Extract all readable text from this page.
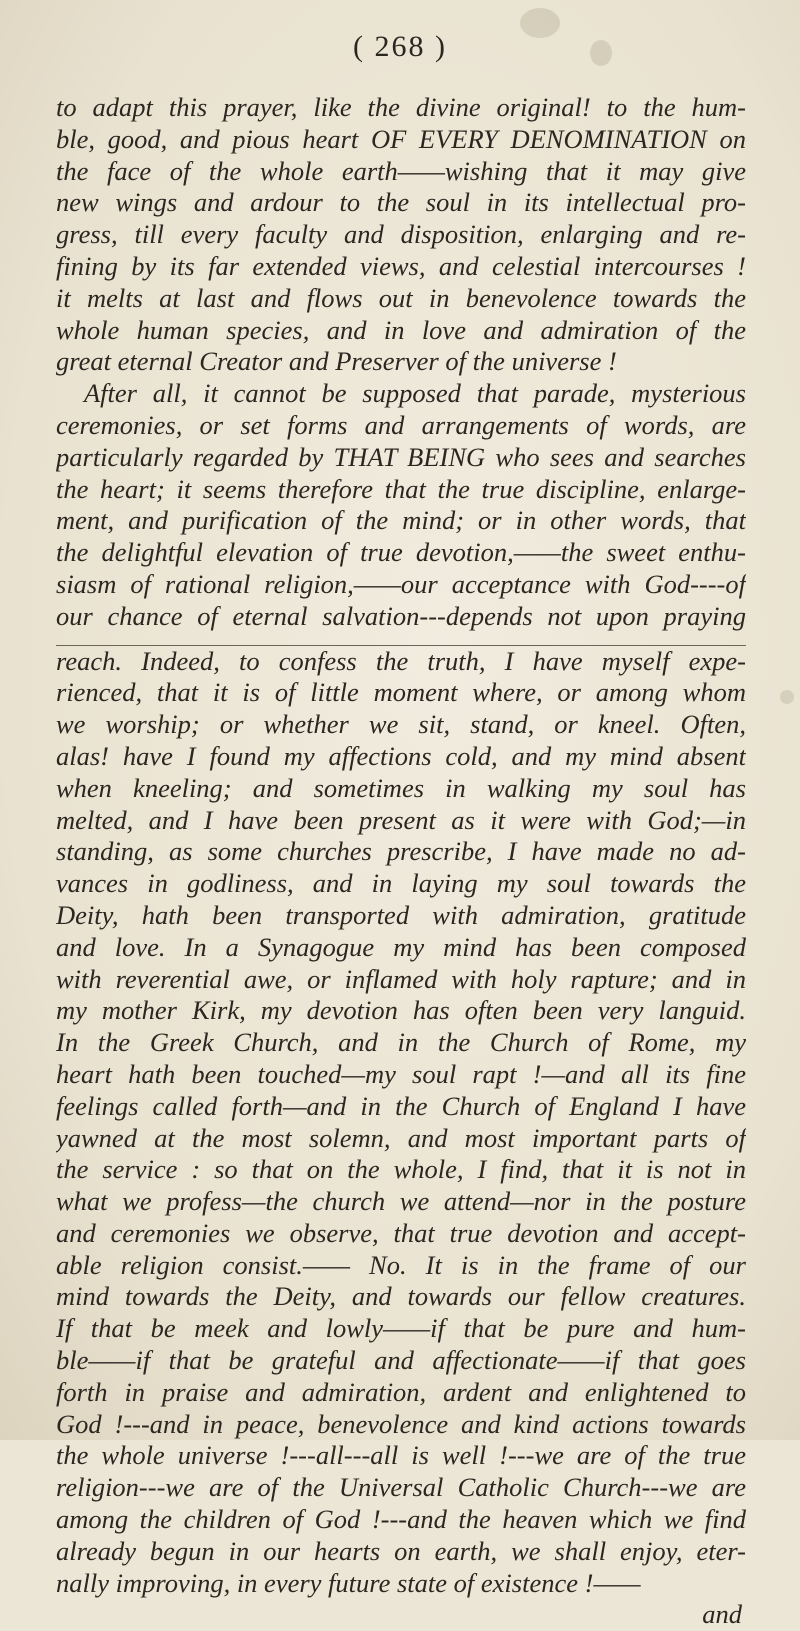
( 268 )
to adapt this prayer, like the divine original! to the hum-
ble, good, and pious heart OF EVERY DENOMINATION on
the face of the whole earth——wishing that it may give
new wings and ardour to the soul in its intellectual pro-
gress, till every faculty and disposition, enlarging and re-
fining by its far extended views, and celestial intercourses !
it melts at last and flows out in benevolence towards the
whole human species, and in love and admiration of the
great eternal Creator and Preserver of the universe !
After all, it cannot be supposed that parade, mysterious
ceremonies, or set forms and arrangements of words, are
particularly regarded by THAT BEING who sees and searches
the heart; it seems therefore that the true discipline, enlarge-
ment, and purification of the mind; or in other words, that
the delightful elevation of true devotion,——the sweet enthu-
siasm of rational religion,——our acceptance with God----of
our chance of eternal salvation---depends not upon praying
reach. Indeed, to confess the truth, I have myself expe-
rienced, that it is of little moment where, or among whom
we worship; or whether we sit, stand, or kneel. Often,
alas! have I found my affections cold, and my mind absent
when kneeling; and sometimes in walking my soul has
melted, and I have been present as it were with God;—in
standing, as some churches prescribe, I have made no ad-
vances in godliness, and in laying my soul towards the
Deity, hath been transported with admiration, gratitude
and love. In a Synagogue my mind has been composed
with reverential awe, or inflamed with holy rapture; and in
my mother Kirk, my devotion has often been very languid.
In the Greek Church, and in the Church of Rome, my
heart hath been touched—my soul rapt !—and all its fine
feelings called forth—and in the Church of England I have
yawned at the most solemn, and most important parts of
the service : so that on the whole, I find, that it is not in
what we profess—the church we attend—nor in the posture
and ceremonies we observe, that true devotion and accept-
able religion consist.—— No. It is in the frame of our
mind towards the Deity, and towards our fellow creatures.
If that be meek and lowly——if that be pure and hum-
ble——if that be grateful and affectionate——if that goes
forth in praise and admiration, ardent and enlightened to
God !---and in peace, benevolence and kind actions towards
the whole universe !---all---all is well !---we are of the true
religion---we are of the Universal Catholic Church---we are
among the children of God !---and the heaven which we find
already begun in our hearts on earth, we shall enjoy, eter-
nally improving, in every future state of existence !——
and
